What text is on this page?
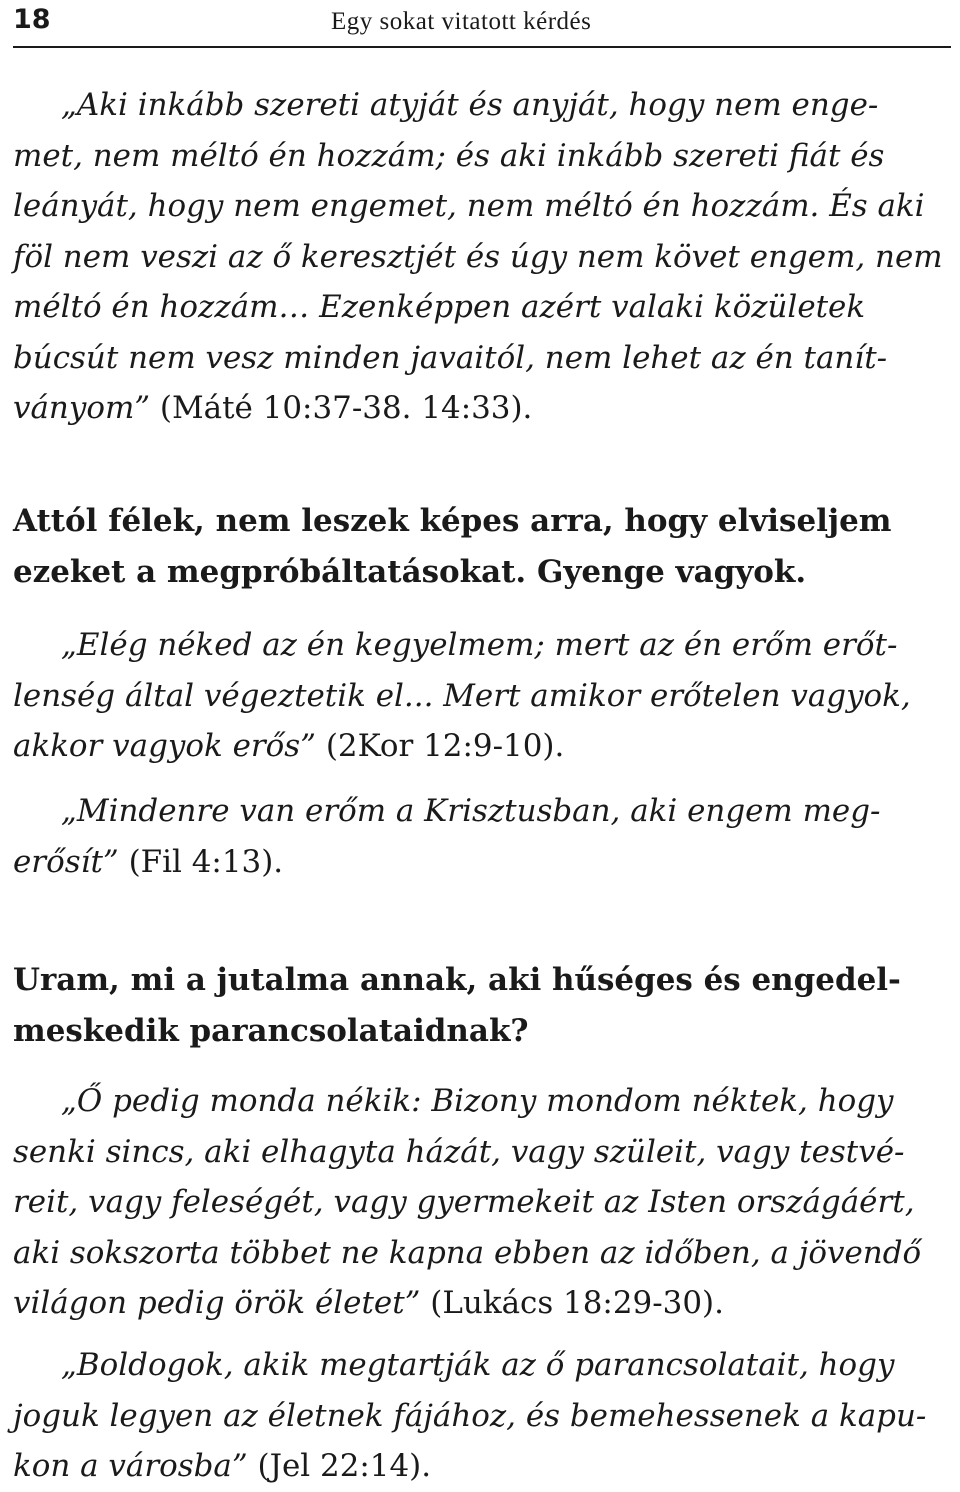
18	Egy sokat vitatott kérdés

„Aki inkább szereti atyját és anyját, hogy nem enge-
met, nem méltó én hozzám; és aki inkább szereti fiát és
leányát, hogy nem engemet, nem méltó én hozzám. És aki
föl nem veszi az ő keresztjét és úgy nem követ engem, nem
méltó én hozzám… Ezenképpen azért valaki közületek
búcsút nem vesz minden javaitól, nem lehet az én tanít-
ványom” (Máté 10:37-38. 14:33).

Attól félek, nem leszek képes arra, hogy elviseljem
ezeket a megpróbáltatásokat. Gyenge vagyok.

„Elég néked az én kegyelmem; mert az én erőm erőt-
lenség által végeztetik el... Mert amikor erőtelen vagyok,
akkor vagyok erős” (2Kor 12:9-10).

„Mindenre van erőm a Krisztusban, aki engem meg-
erősít” (Fil 4:13).

Uram, mi a jutalma annak, aki hűséges és engedel-
meskedik parancsolataidnak?

„Ő pedig monda nékik: Bizony mondom néktek, hogy
senki sincs, aki elhagyta házát, vagy szüleit, vagy testvé-
reit, vagy feleségét, vagy gyermekeit az Isten országáért,
aki sokszorta többet ne kapna ebben az időben, a jövendő
világon pedig örök életet” (Lukács 18:29-30).

„Boldogok, akik megtartják az ő parancsolatait, hogy
joguk legyen az életnek fájához, és bemehessenek a kapu-
kon a városba” (Jel 22:14).
